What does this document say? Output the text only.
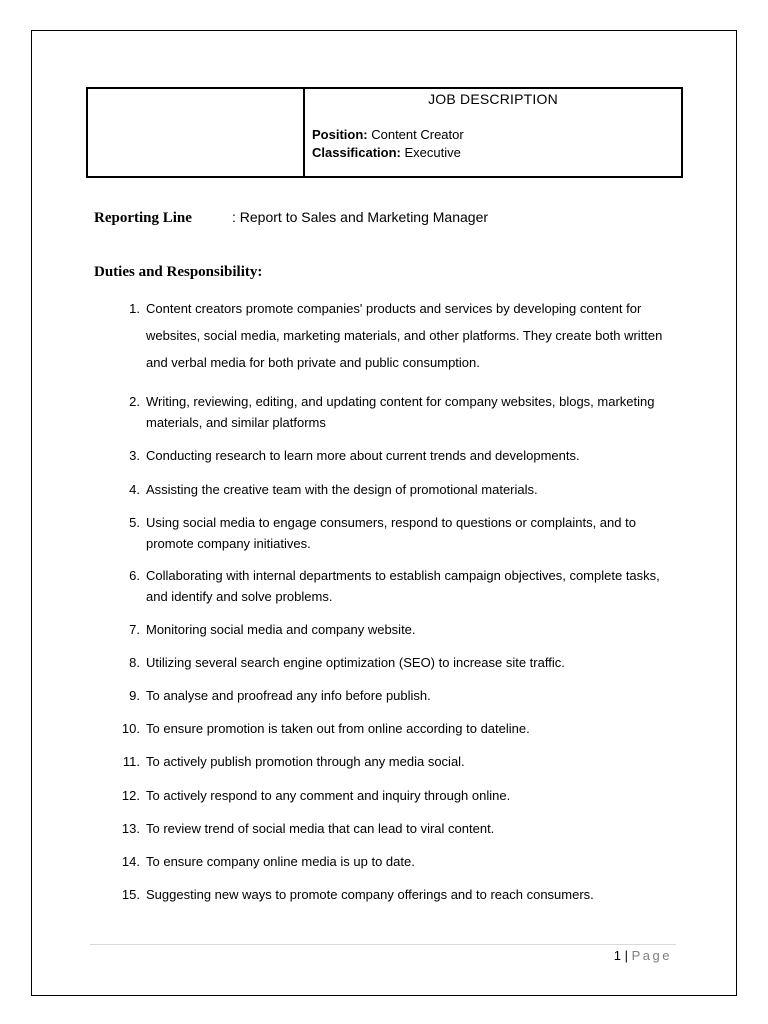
JOB DESCRIPTION
Position: Content Creator
Classification: Executive
Reporting Line	: Report to Sales and Marketing Manager
Duties and Responsibility:
1. Content creators promote companies' products and services by developing content for websites, social media, marketing materials, and other platforms. They create both written and verbal media for both private and public consumption.
2. Writing, reviewing, editing, and updating content for company websites, blogs, marketing materials, and similar platforms
3. Conducting research to learn more about current trends and developments.
4. Assisting the creative team with the design of promotional materials.
5. Using social media to engage consumers, respond to questions or complaints, and to promote company initiatives.
6. Collaborating with internal departments to establish campaign objectives, complete tasks, and identify and solve problems.
7. Monitoring social media and company website.
8. Utilizing several search engine optimization (SEO) to increase site traffic.
9. To analyse and proofread any info before publish.
10. To ensure promotion is taken out from online according to dateline.
11. To actively publish promotion through any media social.
12. To actively respond to any comment and inquiry through online.
13. To review trend of social media that can lead to viral content.
14. To ensure company online media is up to date.
15. Suggesting new ways to promote company offerings and to reach consumers.
1 | Page
